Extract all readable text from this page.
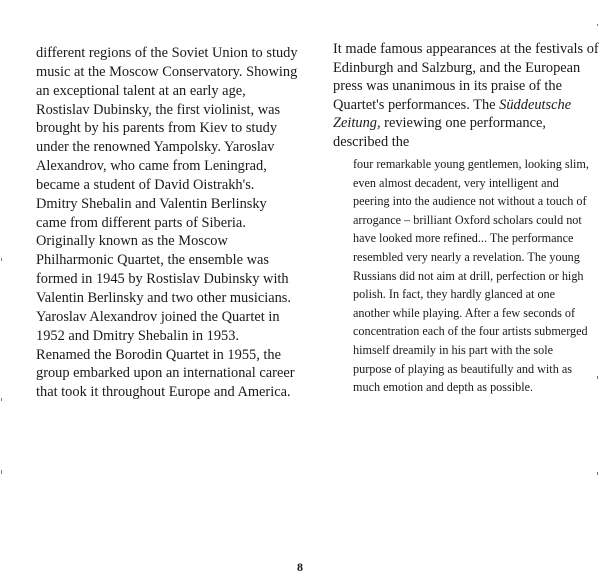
different regions of the Soviet Union to study
music at the Moscow Conservatory. Showing
an exceptional talent at an early age,
Rostislav Dubinsky, the first violinist, was
brought by his parents from Kiev to study
under the renowned Yampolsky. Yaroslav
Alexandrov, who came from Leningrad,
became a student of David Oistrakh's.
Dmitry Shebalin and Valentin Berlinsky
came from different parts of Siberia.
Originally known as the Moscow
Philharmonic Quartet, the ensemble was
formed in 1945 by Rostislav Dubinsky with
Valentin Berlinsky and two other musicians.
Yaroslav Alexandrov joined the Quartet in
1952 and Dmitry Shebalin in 1953.
Renamed the Borodin Quartet in 1955, the
group embarked upon an international career
that took it throughout Europe and America.

It made famous appearances at the festivals of
Edinburgh and Salzburg, and the European
press was unanimous in its praise of the
Quartet's performances. The Süddeutsche
Zeitung, reviewing one performance,
described the

four remarkable young gentlemen, looking slim,
even almost decadent, very intelligent and
peering into the audience not without a touch of
arrogance – brilliant Oxford scholars could not
have looked more refined... The performance
resembled very nearly a revelation. The young
Russians did not aim at drill, perfection or high
polish. In fact, they hardly glanced at one
another while playing. After a few seconds of
concentration each of the four artists submerged
himself dreamily in his part with the sole
purpose of playing as beautifully and with as
much emotion and depth as possible.

8
